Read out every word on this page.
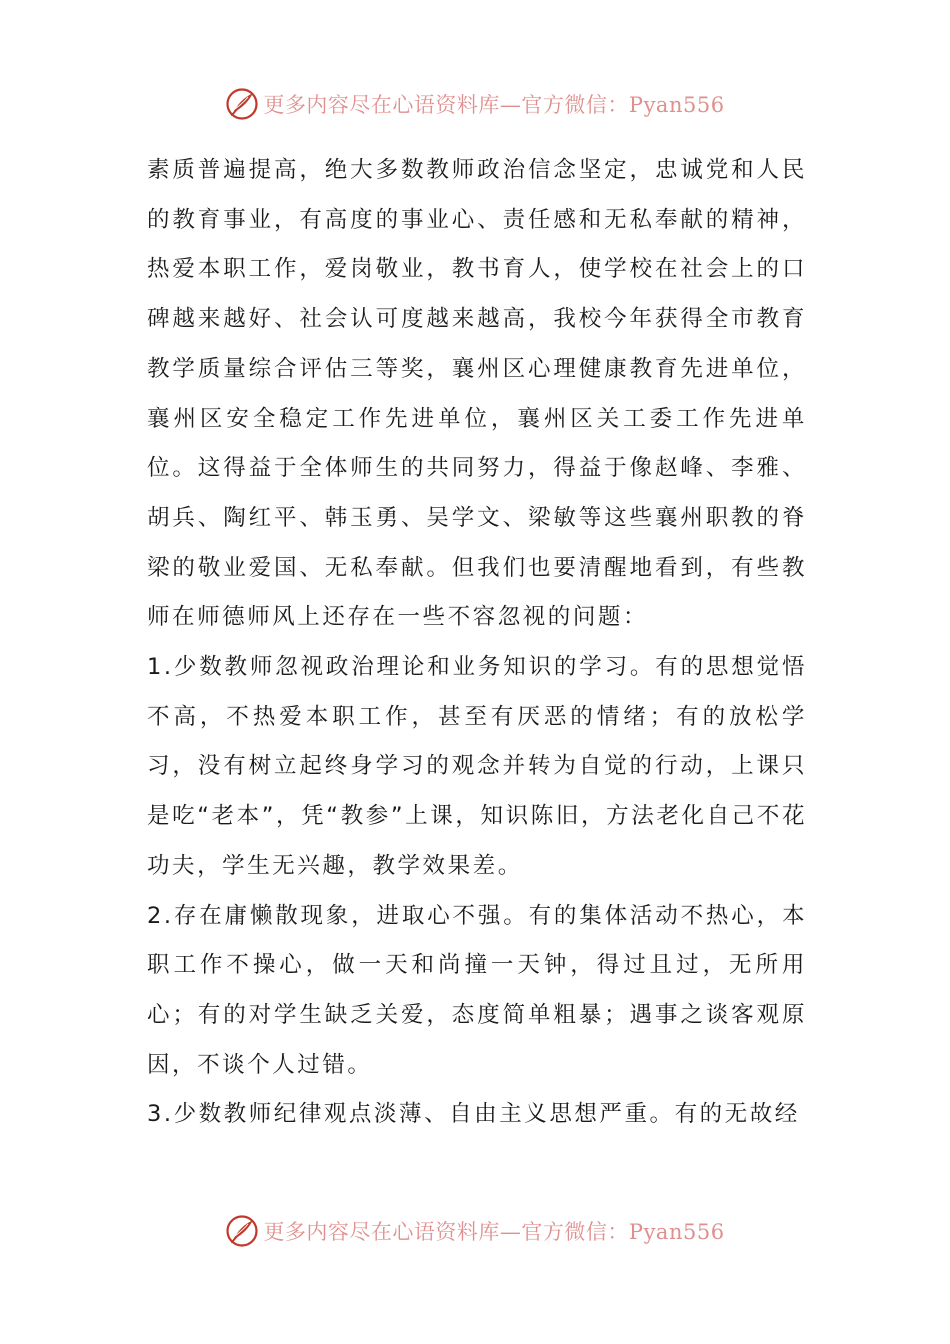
更多内容尽在心语资料库—官方微信：Pyan556

素质普遍提高，绝大多数教师政治信念坚定，忠诚党和人民的教育事业，有高度的事业心、责任感和无私奉献的精神，热爱本职工作，爱岗敬业，教书育人，使学校在社会上的口碑越来越好、社会认可度越来越高，我校今年获得全市教育教学质量综合评估三等奖，襄州区心理健康教育先进单位，襄州区安全稳定工作先进单位，襄州区关工委工作先进单位。这得益于全体师生的共同努力，得益于像赵峰、李雅、胡兵、陶红平、韩玉勇、吴学文、梁敏等这些襄州职教的脊梁的敬业爱国、无私奉献。但我们也要清醒地看到，有些教师在师德师风上还存在一些不容忽视的问题：

1.少数教师忽视政治理论和业务知识的学习。有的思想觉悟不高，不热爱本职工作，甚至有厌恶的情绪；有的放松学习，没有树立起终身学习的观念并转为自觉的行动，上课只是吃“老本”，凭“教参”上课，知识陈旧，方法老化自己不花功夫，学生无兴趣，教学效果差。

2.存在庸懒散现象，进取心不强。有的集体活动不热心，本职工作不操心，做一天和尚撞一天钟，得过且过，无所用心；有的对学生缺乏关爱，态度简单粗暴；遇事之谈客观原因，不谈个人过错。

3.少数教师纪律观点淡薄、自由主义思想严重。有的无故经

更多内容尽在心语资料库—官方微信：Pyan556
